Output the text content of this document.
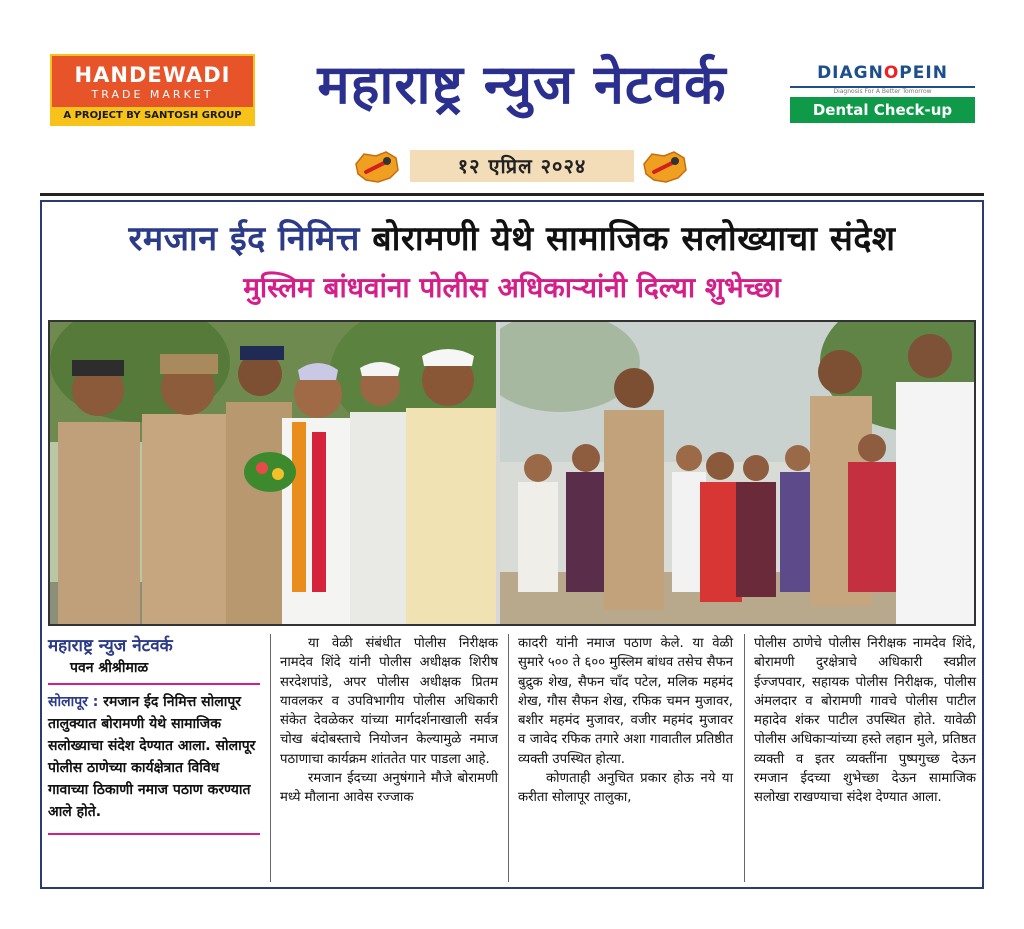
HANDEWADI
TRADE MARKET
A PROJECT BY SANTOSH GROUP	महाराष्ट्र न्युज नेटवर्क	DIAGNOPEIN
Diagnosis For A Better Tomorrow
Dental Check-up ₹50/-
१२ एप्रिल २०२४
रमजान ईद निमित्त बोरामणी येथे सामाजिक सलोख्याचा संदेश
मुस्लिम बांधवांना पोलीस अधिकाऱ्यांनी दिल्या शुभेच्छा
महाराष्ट्र न्युज नेटवर्क
पवन श्रीश्रीमाळ
सोलापूर : रमजान ईद निमित्त सोलापूर तालुक्यात बोरामणी येथे सामाजिक सलोख्याचा संदेश देण्यात आला. सोलापूर पोलीस ठाणेच्या कार्यक्षेत्रात विविध गावाच्या ठिकाणी नमाज पठाण करण्यात आले होते.
या वेळी संबंधीत पोलीस निरीक्षक नामदेव शिंदे यांनी पोलीस अधीक्षक शिरीष सरदेशपांडे, अपर पोलीस अधीक्षक प्रितम यावलकर व उपविभागीय पोलीस अधिकारी संकेत देवळेकर यांच्या मार्गदर्शनाखाली सर्वत्र चोख बंदोबस्ताचे नियोजन केल्यामुळे नमाज पठाणाचा कार्यक्रम शांततेत पार पाडला आहे.
रमजान ईदच्या अनुषंगाने मौजे बोरामणी मध्ये मौलाना आवेस रज्जाक
कादरी यांनी नमाज पठाण केले. या वेळी सुमारे ५०० ते ६०० मुस्लिम बांधव तसेच सैफन बुद्रुक शेख, सैफन चाँद पटेल, मलिक महमंद शेख, गौस सैफन शेख, रफिक चमन मुजावर, बशीर महमंद मुजावर, वजीर महमंद मुजावर व जावेद रफिक तगारे अशा गावातील प्रतिष्ठीत व्यक्ती उपस्थित होत्या.
कोणताही अनुचित प्रकार होऊ नये या करीता सोलापूर तालुका,
पोलीस ठाणेचे पोलीस निरीक्षक नामदेव शिंदे, बोरामणी दुरक्षेत्राचे अधिकारी स्वप्नील ईज्जपवार, सहायक पोलीस निरीक्षक, पोलीस अंमलदार व बोरामणी गावचे पोलीस पाटील महादेव शंकर पाटील उपस्थित होते. यावेळी पोलीस अधिकाऱ्यांच्या हस्ते लहान मुले, प्रतिष्ठत व्यक्ती व इतर व्यक्तींना पुष्पगुच्छ देऊन रमजान ईदच्या शुभेच्छा देऊन सामाजिक सलोखा राखण्याचा संदेश देण्यात आला.
